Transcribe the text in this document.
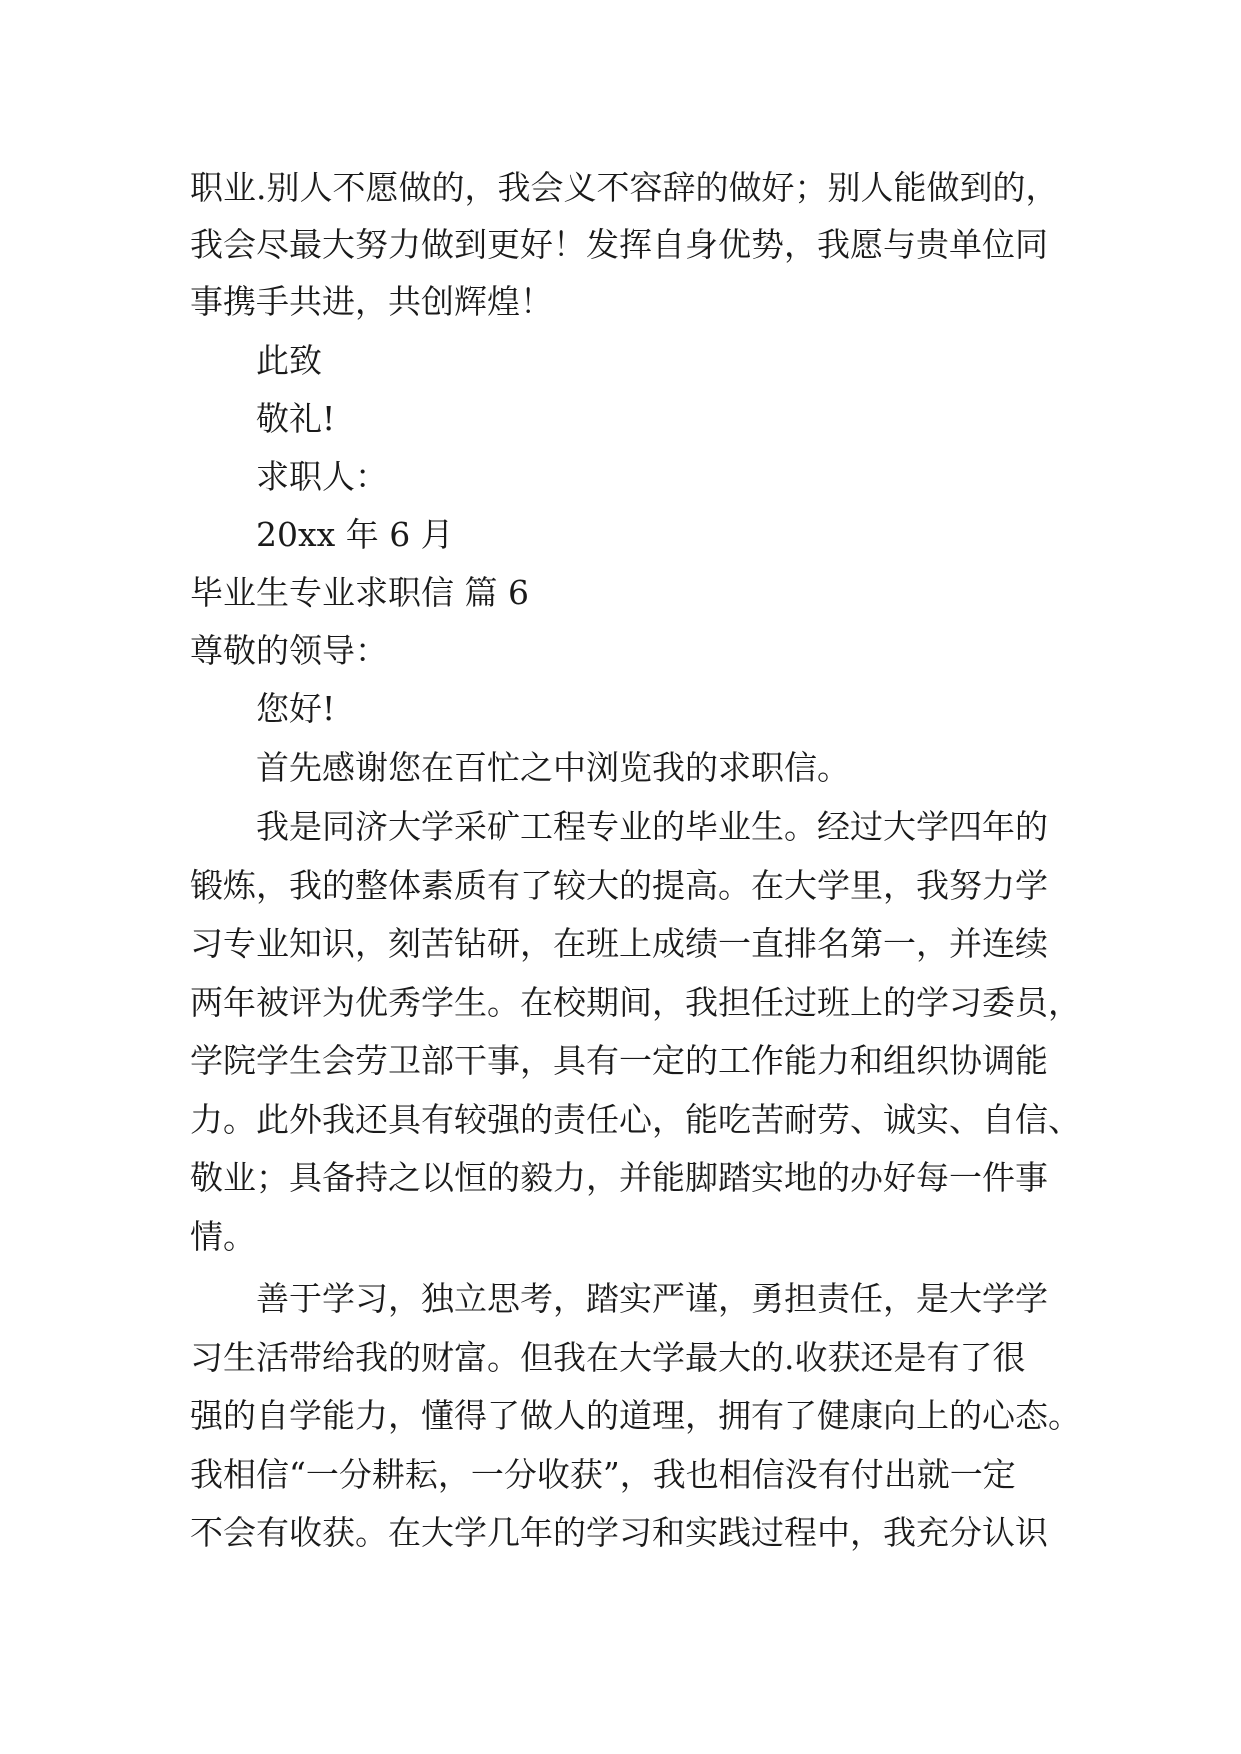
职业.别人不愿做的，我会义不容辞的做好；别人能做到的，
我会尽最大努力做到更好！发挥自身优势，我愿与贵单位同
事携手共进，共创辉煌！
此致
敬礼!
求职人：
20xx 年 6 月
毕业生专业求职信 篇 6
尊敬的领导：
您好!
首先感谢您在百忙之中浏览我的求职信。
我是同济大学采矿工程专业的毕业生。经过大学四年的
锻炼，我的整体素质有了较大的提高。在大学里，我努力学
习专业知识，刻苦钻研，在班上成绩一直排名第一，并连续
两年被评为优秀学生。在校期间，我担任过班上的学习委员，
学院学生会劳卫部干事，具有一定的工作能力和组织协调能
力。此外我还具有较强的责任心，能吃苦耐劳、诚实、自信、
敬业；具备持之以恒的毅力，并能脚踏实地的办好每一件事
情。
善于学习，独立思考，踏实严谨，勇担责任，是大学学
习生活带给我的财富。但我在大学最大的.收获还是有了很
强的自学能力，懂得了做人的道理，拥有了健康向上的心态。
我相信“一分耕耘，一分收获”，我也相信没有付出就一定
不会有收获。在大学几年的学习和实践过程中，我充分认识
